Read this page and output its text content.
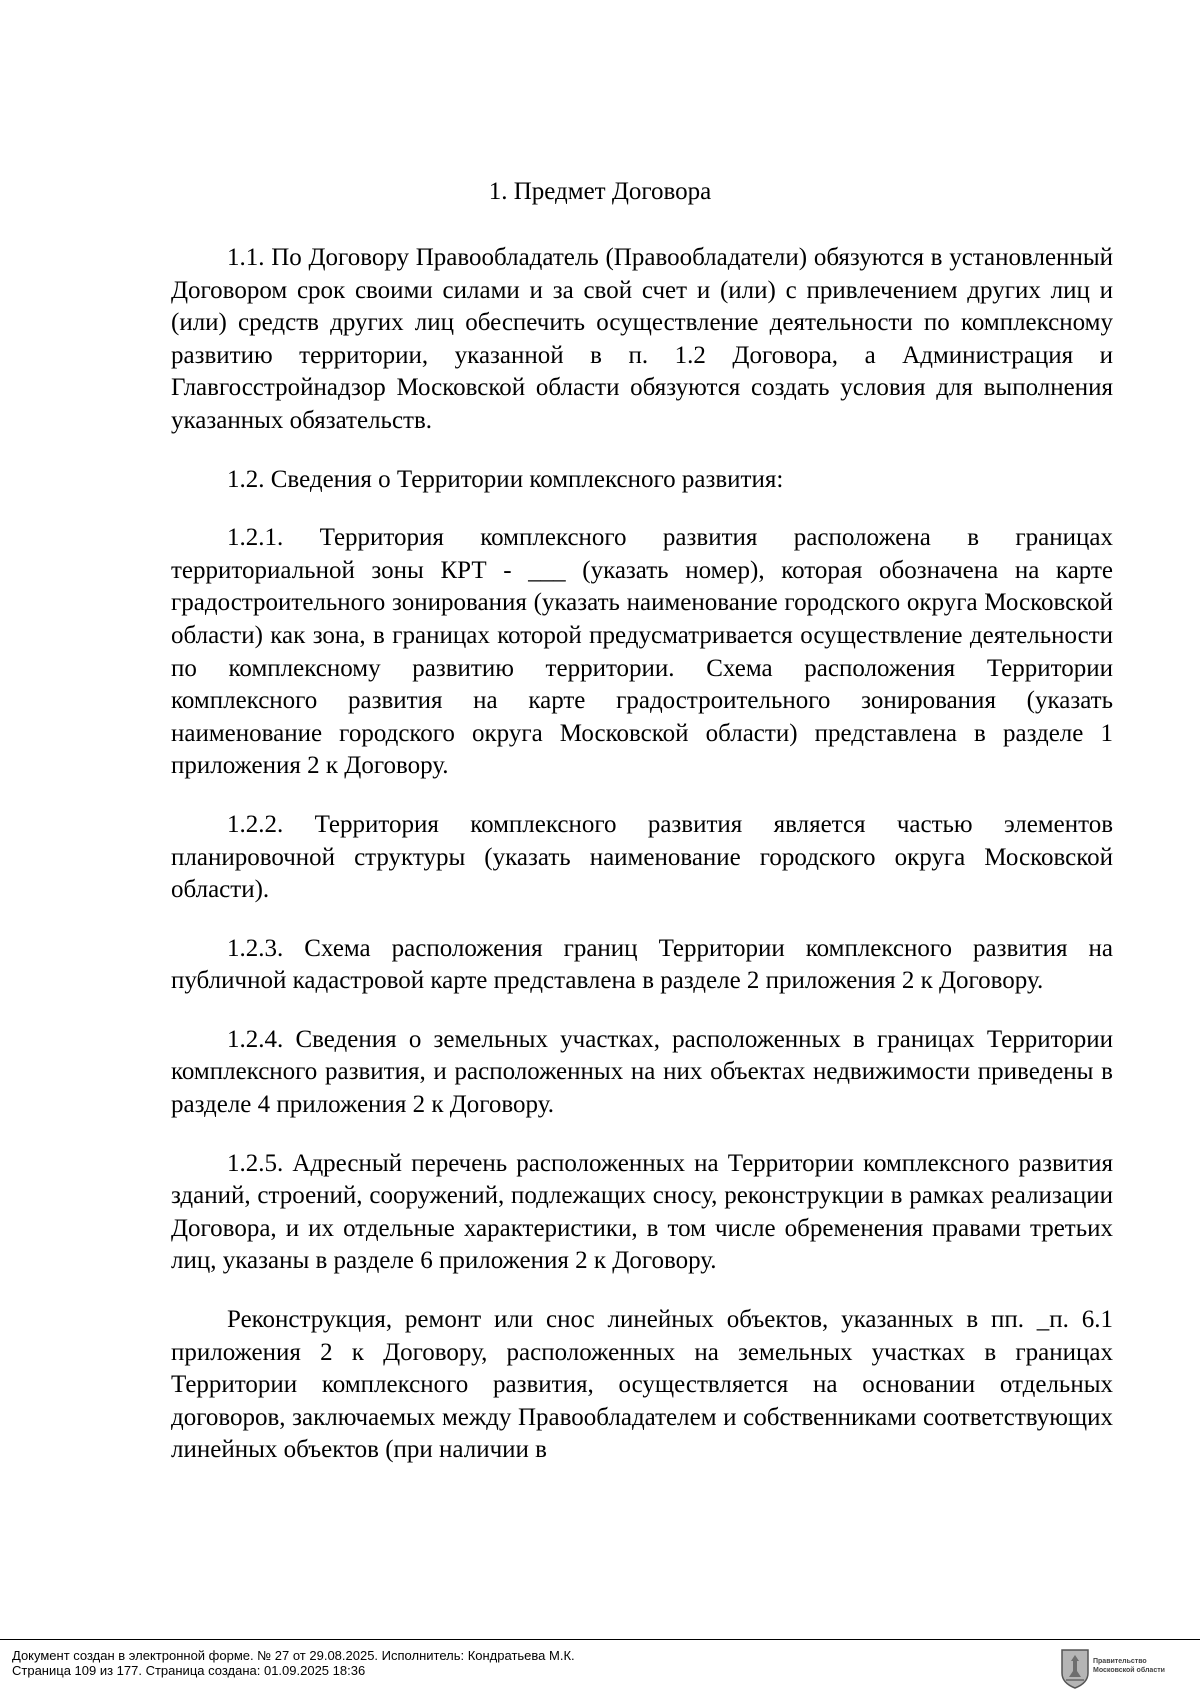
1. Предмет Договора

1.1. По Договору Правообладатель (Правообладатели) обязуются в установленный Договором срок своими силами и за свой счет и (или) с привлечением других лиц и (или) средств других лиц обеспечить осуществление деятельности по комплексному развитию территории, указанной в п. 1.2 Договора, а Администрация и Главгосстройнадзор Московской области обязуются создать условия для выполнения указанных обязательств.

1.2. Сведения о Территории комплексного развития:

1.2.1. Территория комплексного развития расположена в границах территориальной зоны КРТ - ___ (указать номер), которая обозначена на карте градостроительного зонирования (указать наименование городского округа Московской области) как зона, в границах которой предусматривается осуществление деятельности по комплексному развитию территории. Схема расположения Территории комплексного развития на карте градостроительного зонирования (указать наименование городского округа Московской области) представлена в разделе 1 приложения 2 к Договору.

1.2.2. Территория комплексного развития является частью элементов планировочной структуры (указать наименование городского округа Московской области).

1.2.3. Схема расположения границ Территории комплексного развития на публичной кадастровой карте представлена в разделе 2 приложения 2 к Договору.

1.2.4. Сведения о земельных участках, расположенных в границах Территории комплексного развития, и расположенных на них объектах недвижимости приведены в разделе 4 приложения 2 к Договору.

1.2.5. Адресный перечень расположенных на Территории комплексного развития зданий, строений, сооружений, подлежащих сносу, реконструкции в рамках реализации Договора, и их отдельные характеристики, в том числе обременения правами третьих лиц, указаны в разделе 6 приложения 2 к Договору.

Реконструкция, ремонт или снос линейных объектов, указанных в пп. _п. 6.1 приложения 2 к Договору, расположенных на земельных участках в границах Территории комплексного развития, осуществляется на основании отдельных договоров, заключаемых между Правообладателем и собственниками соответствующих линейных объектов (при наличии в

Документ создан в электронной форме. № 27 от 29.08.2025. Исполнитель: Кондратьева М.К.
Страница 109 из 177. Страница создана: 01.09.2025 18:36
Правительство
Московской области
